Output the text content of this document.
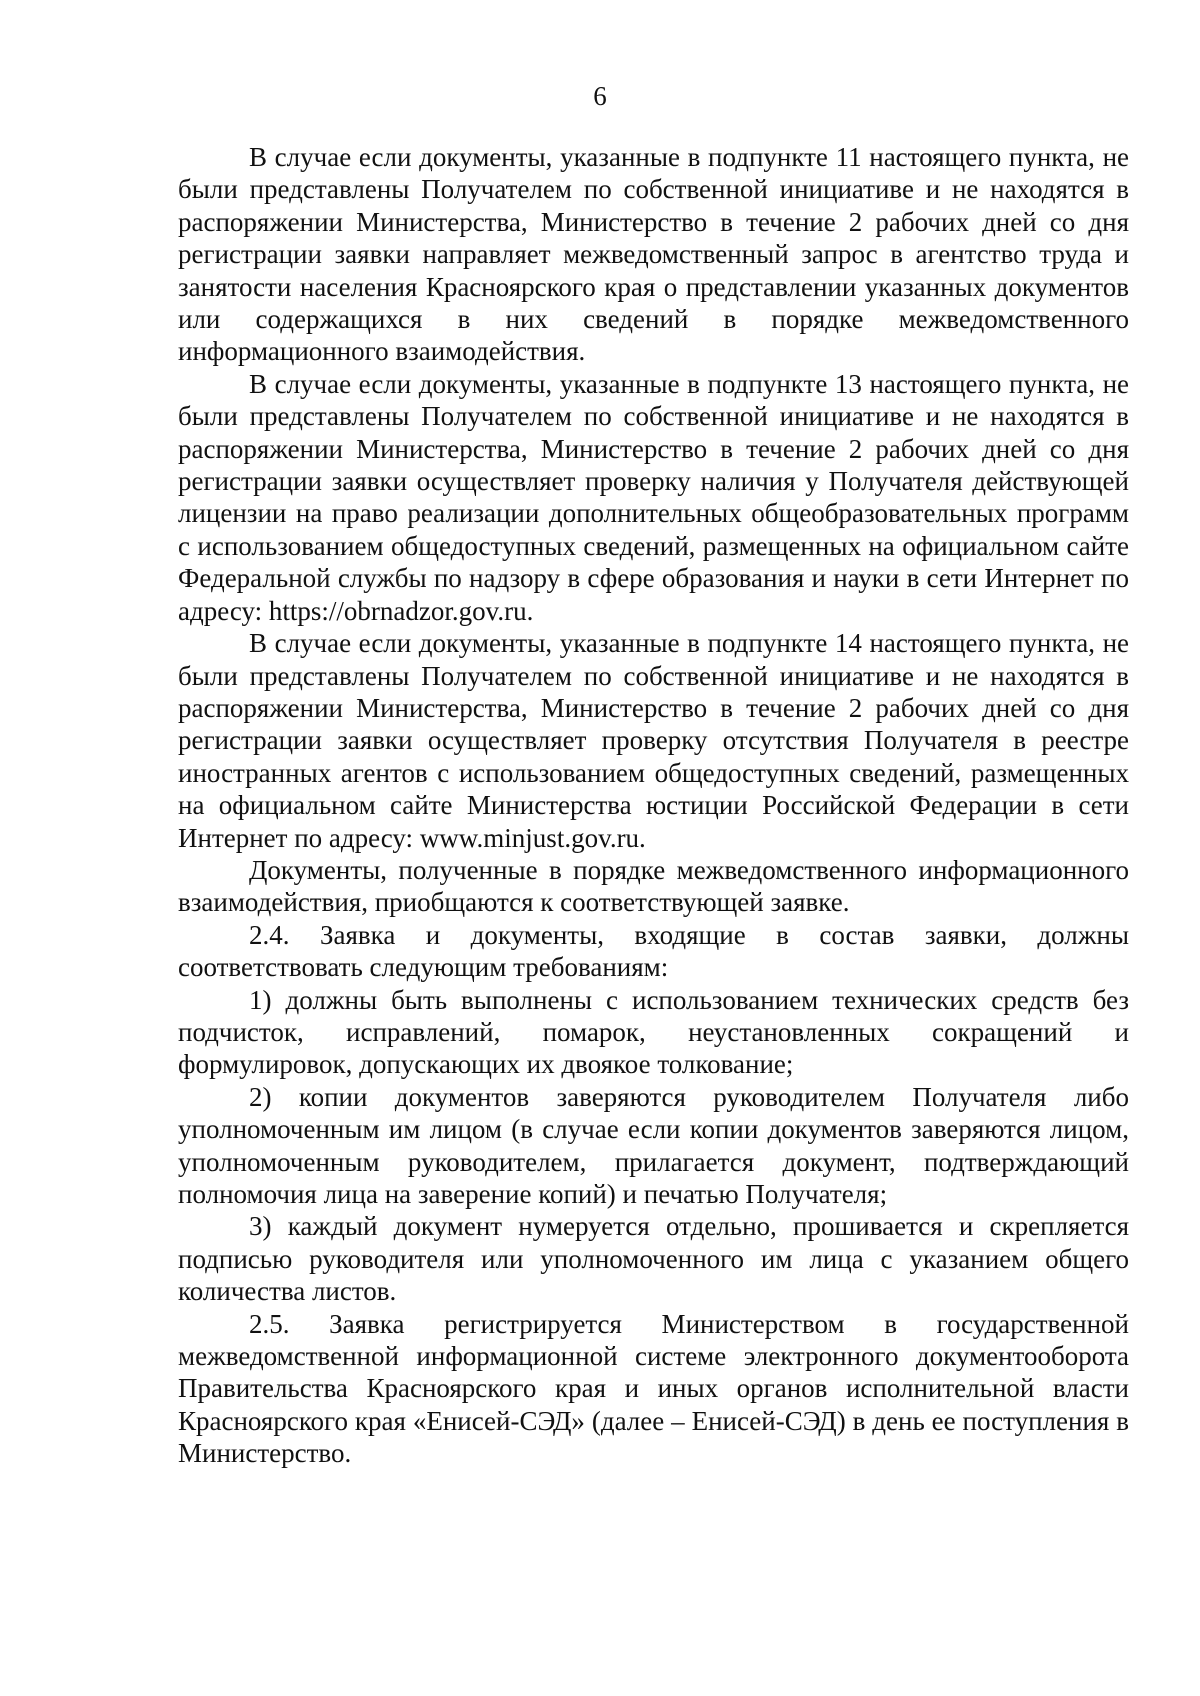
6

В случае если документы, указанные в подпункте 11 настоящего пункта, не были представлены Получателем по собственной инициативе и не находятся в распоряжении Министерства, Министерство в течение 2 рабочих дней со дня регистрации заявки направляет межведомственный запрос в агентство труда и занятости населения Красноярского края о представлении указанных документов или содержащихся в них сведений в порядке межведомственного информационного взаимодействия.

В случае если документы, указанные в подпункте 13 настоящего пункта, не были представлены Получателем по собственной инициативе и не находятся в распоряжении Министерства, Министерство в течение 2 рабочих дней со дня регистрации заявки осуществляет проверку наличия у Получателя действующей лицензии на право реализации дополнительных общеобразовательных программ с использованием общедоступных сведений, размещенных на официальном сайте Федеральной службы по надзору в сфере образования и науки в сети Интернет по адресу: https://obrnadzor.gov.ru.

В случае если документы, указанные в подпункте 14 настоящего пункта, не были представлены Получателем по собственной инициативе и не находятся в распоряжении Министерства, Министерство в течение 2 рабочих дней со дня регистрации заявки осуществляет проверку отсутствия Получателя в реестре иностранных агентов с использованием общедоступных сведений, размещенных на официальном сайте Министерства юстиции Российской Федерации в сети Интернет по адресу: www.minjust.gov.ru.

Документы, полученные в порядке межведомственного информационного взаимодействия, приобщаются к соответствующей заявке.

2.4. Заявка и документы, входящие в состав заявки, должны соответствовать следующим требованиям:

1) должны быть выполнены с использованием технических средств без подчисток, исправлений, помарок, неустановленных сокращений и формулировок, допускающих их двоякое толкование;

2) копии документов заверяются руководителем Получателя либо уполномоченным им лицом (в случае если копии документов заверяются лицом, уполномоченным руководителем, прилагается документ, подтверждающий полномочия лица на заверение копий) и печатью Получателя;

3) каждый документ нумеруется отдельно, прошивается и скрепляется подписью руководителя или уполномоченного им лица с указанием общего количества листов.

2.5. Заявка регистрируется Министерством в государственной межведомственной информационной системе электронного документооборота Правительства Красноярского края и иных органов исполнительной власти Красноярского края «Енисей-СЭД» (далее – Енисей-СЭД) в день ее поступления в Министерство.
